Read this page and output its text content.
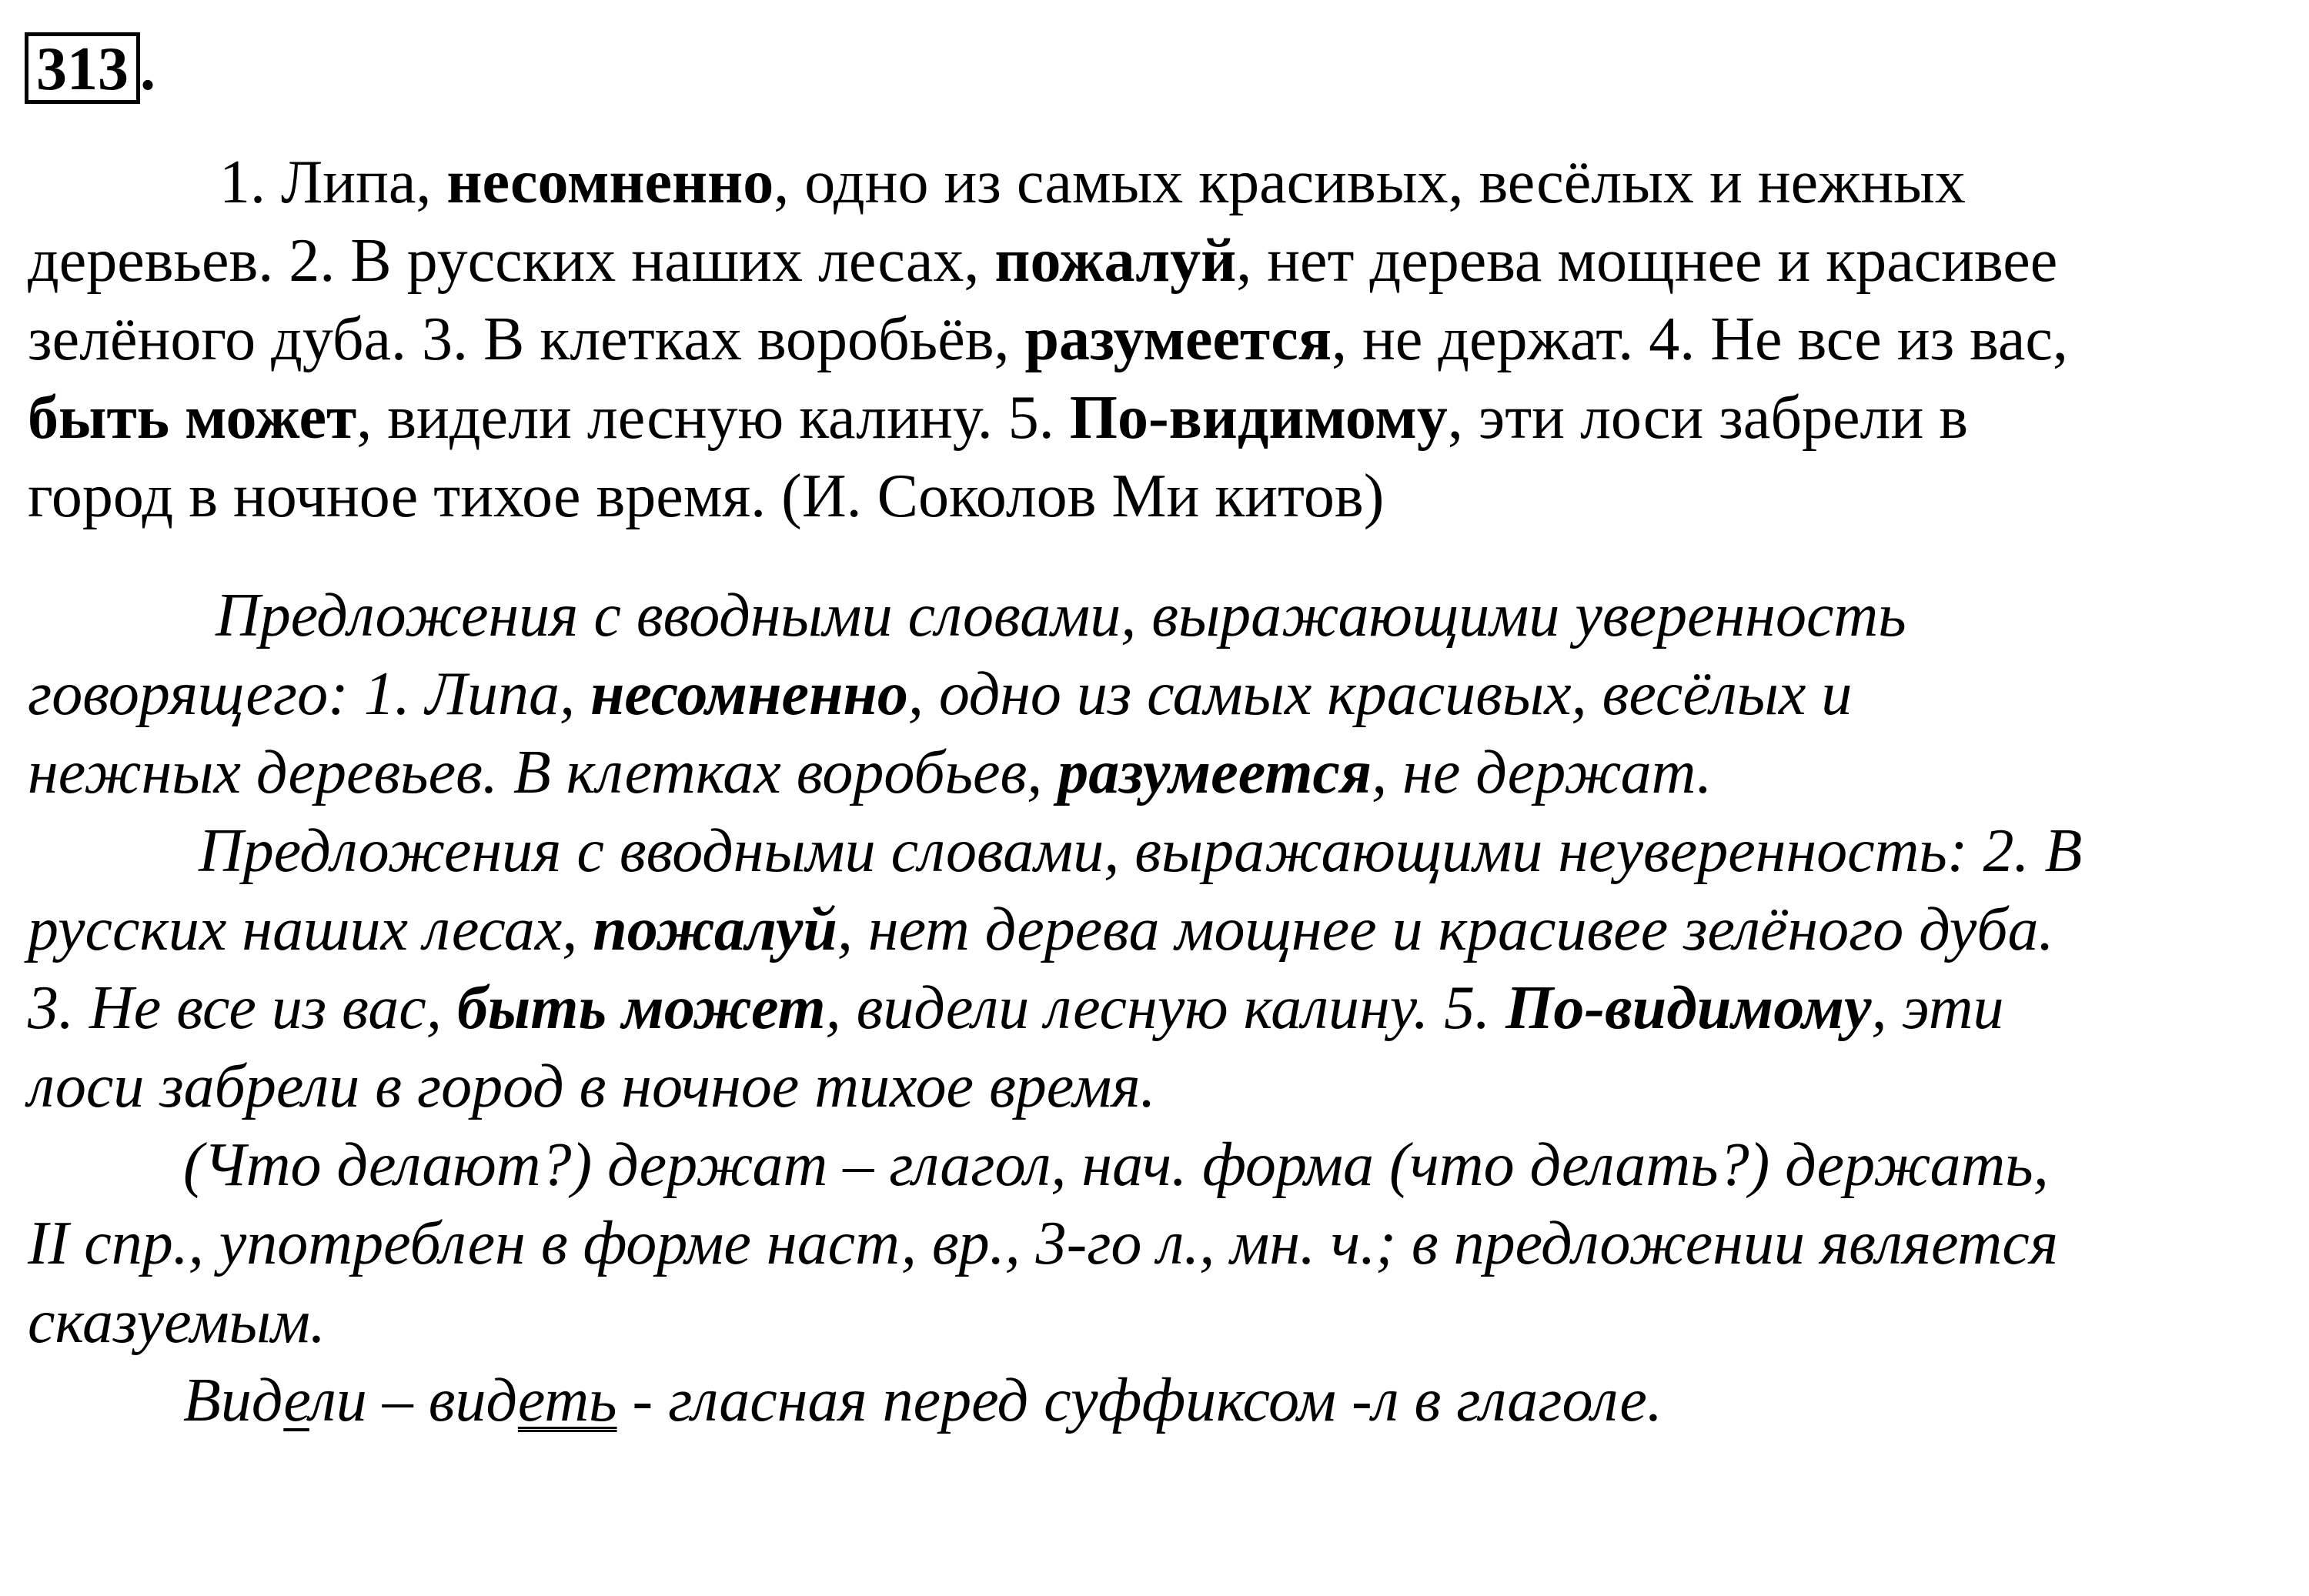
313 .
1. Липа, несомненно, одно из самых красивых, весёлых и нежных
деревьев. 2. В русских наших лесах, пожалуй, нет дерева мощнее и красивее
зелёного дуба. 3. В клетках воробьёв, разумеется, не держат. 4. Не все из вас,
быть может, видели лесную калину. 5. По-видимому, эти лоси забрели в
город в ночное тихое время. (И. Соколов Ми китов)
Предложения с вводными словами, выражающими уверенность
говорящего: 1. Липа, несомненно, одно из самых красивых, весёлых и
нежных деревьев. В клетках воробьев, разумеется, не держат.
Предложения с вводными словами, выражающими неуверенность: 2. В
русских наших лесах, пожалуй, нет дерева мощнее и красивее зелёного дуба.
3. Не все из вас, быть может, видели лесную калину. 5. По-видимому, эти
лоси забрели в город в ночное тихое время.
(Что делают?) держат – глагол, нач. форма (что делать?) держать,
II спр., употреблен в форме наст, вр., 3-го л., мн. ч.; в предложении является
сказуемым.
Видели – видеть - гласная перед суффиксом -л в глаголе.
